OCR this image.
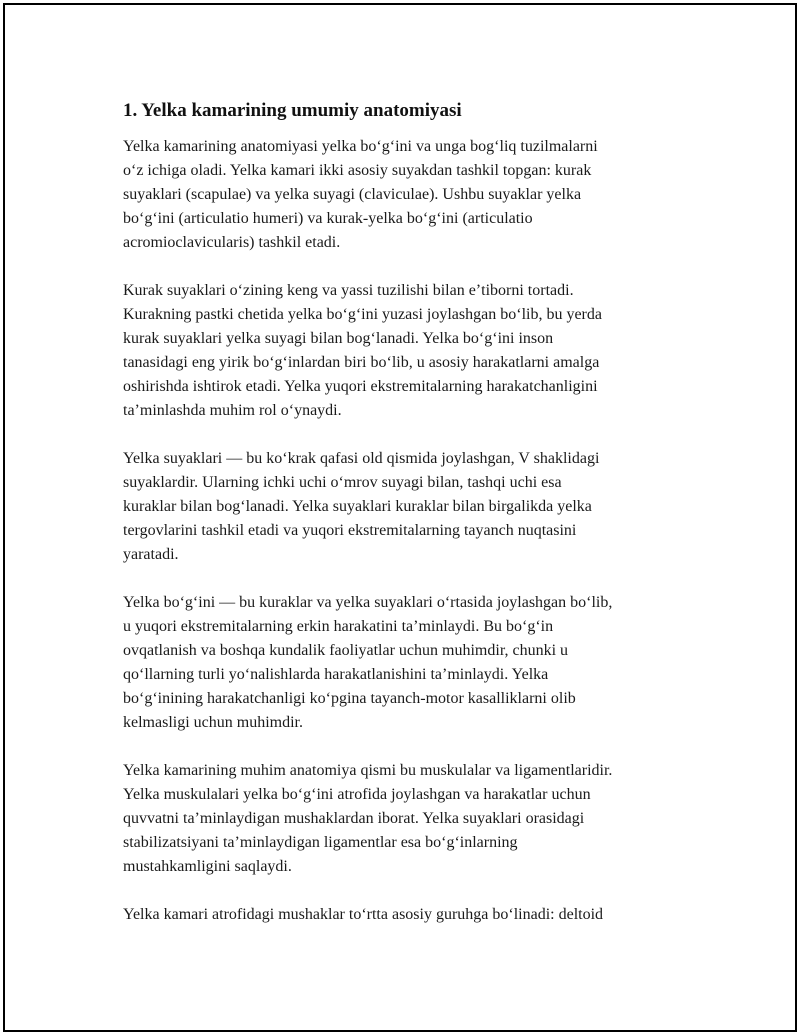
1. Yelka kamarining umumiy anatomiyasi

Yelka kamarining anatomiyasi yelka boʻgʻini va unga bogʻliq tuzilmalarni
oʻz ichiga oladi. Yelka kamari ikki asosiy suyakdan tashkil topgan: kurak
suyaklari (scapulae) va yelka suyagi (claviculae). Ushbu suyaklar yelka
boʻgʻini (articulatio humeri) va kurak-yelka boʻgʻini (articulatio
acromioclavicularis) tashkil etadi.

Kurak suyaklari oʻzining keng va yassi tuzilishi bilan eʼtiborni tortadi.
Kurakning pastki chetida yelka boʻgʻini yuzasi joylashgan boʻlib, bu yerda
kurak suyaklari yelka suyagi bilan bogʻlanadi. Yelka boʻgʻini inson
tanasidagi eng yirik boʻgʻinlardan biri boʻlib, u asosiy harakatlarni amalga
oshirishda ishtirok etadi. Yelka yuqori ekstremitalarning harakatchanligini
taʼminlashda muhim rol oʻynaydi.

Yelka suyaklari — bu koʻkrak qafasi old qismida joylashgan, V shaklidagi
suyaklardir. Ularning ichki uchi oʻmrov suyagi bilan, tashqi uchi esa
kuraklar bilan bogʻlanadi. Yelka suyaklari kuraklar bilan birgalikda yelka
tergovlarini tashkil etadi va yuqori ekstremitalarning tayanch nuqtasini
yaratadi.

Yelka boʻgʻini — bu kuraklar va yelka suyaklari oʻrtasida joylashgan boʻlib,
u yuqori ekstremitalarning erkin harakatini taʼminlaydi. Bu boʻgʻin
ovqatlanish va boshqa kundalik faoliyatlar uchun muhimdir, chunki u
qoʻllarning turli yoʻnalishlarda harakatlanishini taʼminlaydi. Yelka
boʻgʻinining harakatchanligi koʻpgina tayanch-motor kasalliklarni olib
kelmasligi uchun muhimdir.

Yelka kamarining muhim anatomiya qismi bu muskulalar va ligamentlaridir.
Yelka muskulalari yelka boʻgʻini atrofida joylashgan va harakatlar uchun
quvvatni taʼminlaydigan mushaklardan iborat. Yelka suyaklari orasidagi
stabilizatsiyani taʼminlaydigan ligamentlar esa boʻgʻinlarning
mustahkamligini saqlaydi.

Yelka kamari atrofidagi mushaklar toʻrtta asosiy guruhga boʻlinadi: deltoid
